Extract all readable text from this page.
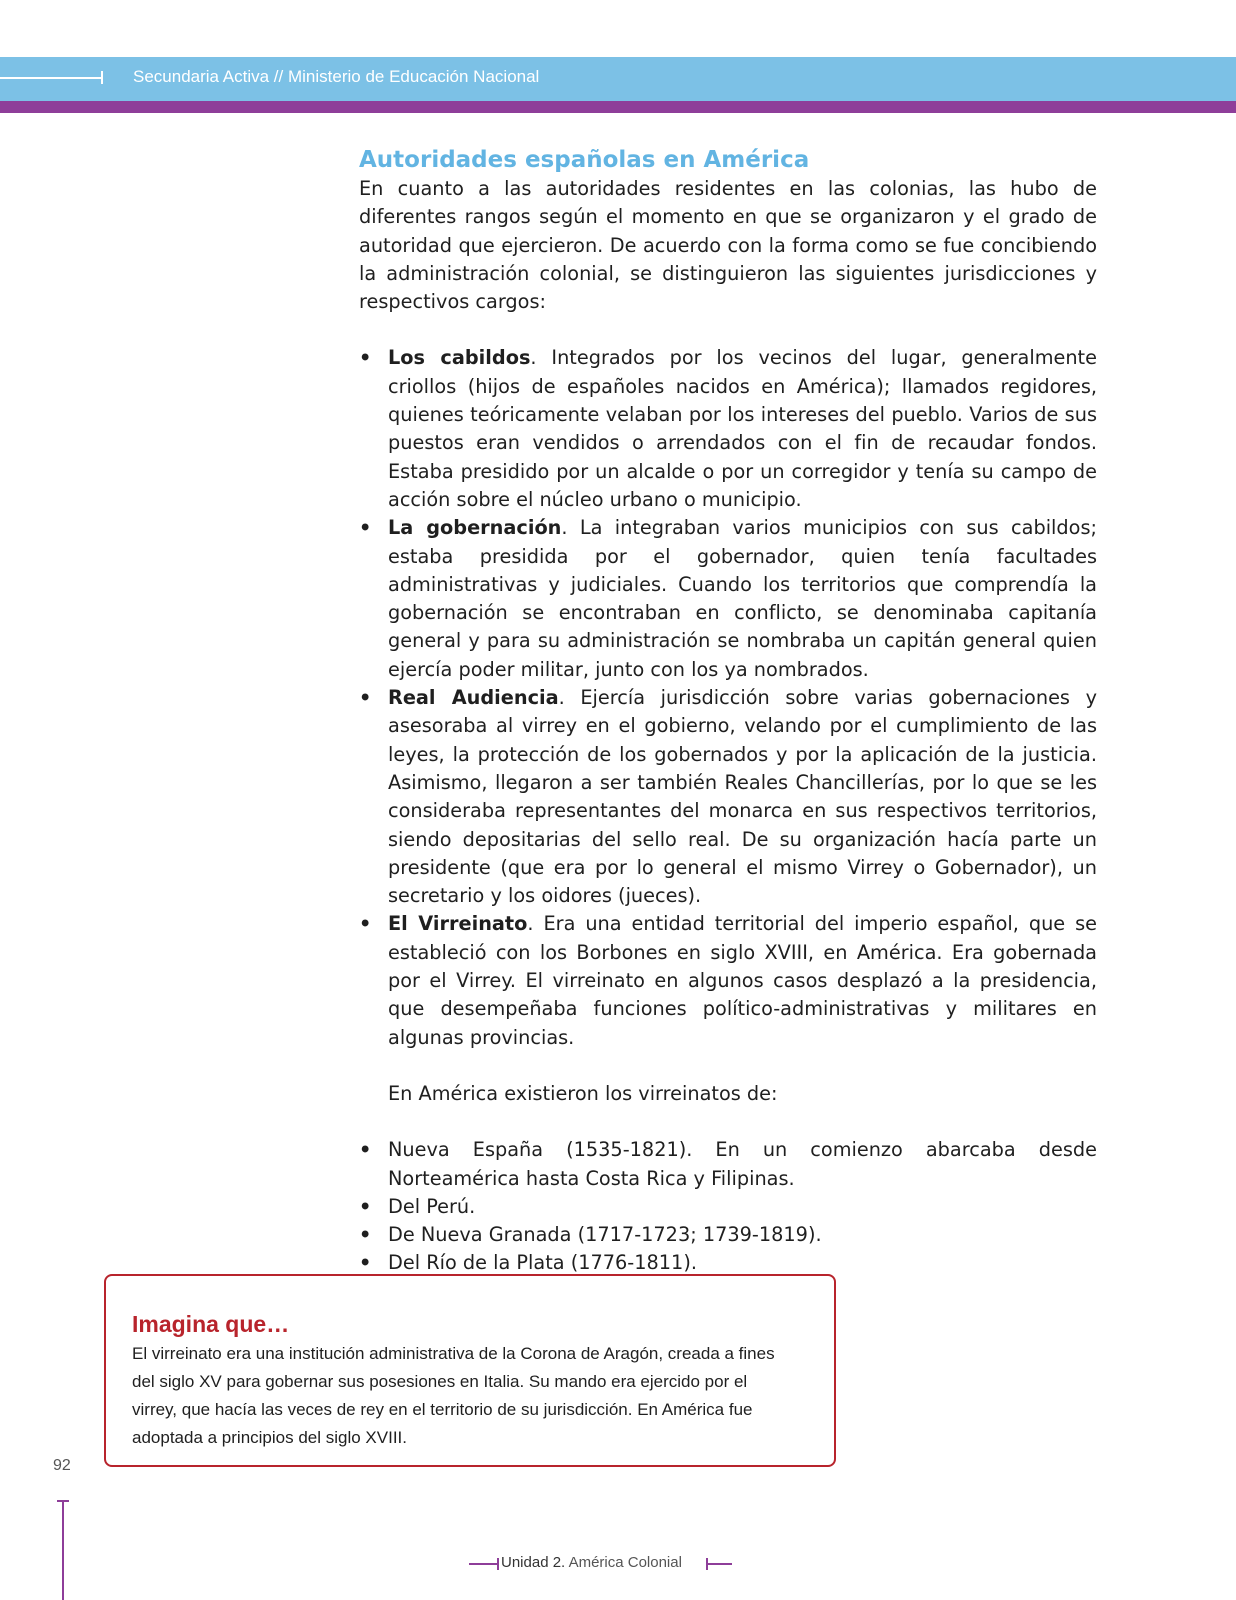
Secundaria Activa // Ministerio de Educación Nacional
Autoridades españolas en América

En cuanto a las autoridades residentes en las colonias, las hubo de diferentes rangos según el momento en que se organizaron y el grado de autoridad que ejercieron. De acuerdo con la forma como se fue concibiendo la administración colonial, se distinguieron las siguientes jurisdicciones y respectivos cargos:

• Los cabildos. Integrados por los vecinos del lugar, generalmente criollos (hijos de españoles nacidos en América); llamados regidores, quienes teóricamente velaban por los intereses del pueblo. Varios de sus puestos eran vendidos o arrendados con el fin de recaudar fondos. Estaba presidido por un alcalde o por un corregidor y tenía su campo de acción sobre el núcleo urbano o municipio.
• La gobernación. La integraban varios municipios con sus cabildos; estaba presidida por el gobernador, quien tenía facultades administrativas y judiciales. Cuando los territorios que comprendía la gobernación se encontraban en conflicto, se denominaba capitanía general y para su administración se nombraba un capitán general quien ejercía poder militar, junto con los ya nombrados.
• Real Audiencia. Ejercía jurisdicción sobre varias gobernaciones y asesoraba al virrey en el gobierno, velando por el cumplimiento de las leyes, la protección de los gobernados y por la aplicación de la justicia. Asimismo, llegaron a ser también Reales Chancillerías, por lo que se les consideraba representantes del monarca en sus respectivos territorios, siendo depositarias del sello real. De su organización hacía parte un presidente (que era por lo general el mismo Virrey o Gobernador), un secretario y los oidores (jueces).
• El Virreinato. Era una entidad territorial del imperio español, que se estableció con los Borbones en siglo XVIII, en América. Era gobernada por el Virrey. El virreinato en algunos casos desplazó a la presidencia, que desempeñaba funciones político-administrativas y militares en algunas provincias.

En América existieron los virreinatos de:

• Nueva España (1535-1821). En un comienzo abarcaba desde Norteamérica hasta Costa Rica y Filipinas.
• Del Perú.
• De Nueva Granada (1717-1723; 1739-1819).
• Del Río de la Plata (1776-1811).
Imagina que…

El virreinato era una institución administrativa de la Corona de Aragón, creada a fines del siglo XV para gobernar sus posesiones en Italia. Su mando era ejercido por el virrey, que hacía las veces de rey en el territorio de su jurisdicción. En América fue adoptada a principios del siglo XVIII.

92
Unidad 2. América Colonial
